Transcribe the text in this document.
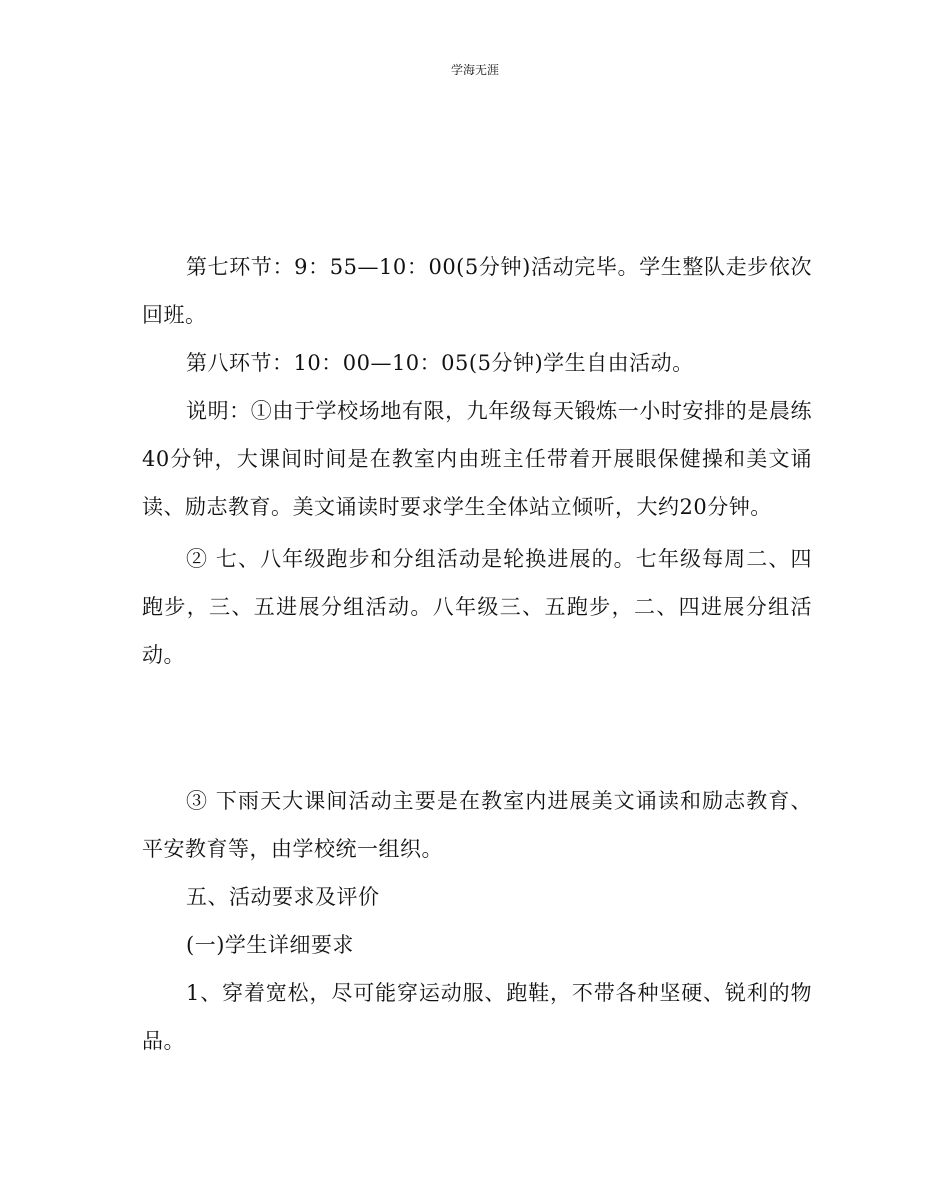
学海无涯

第七环节：9：55—10：00(5分钟)活动完毕。学生整队走步依次回班。

第八环节：10：00—10：05(5分钟)学生自由活动。

说明：①由于学校场地有限，九年级每天锻炼一小时安排的是晨练40分钟，大课间时间是在教室内由班主任带着开展眼保健操和美文诵读、励志教育。美文诵读时要求学生全体站立倾听，大约20分钟。

② 七、八年级跑步和分组活动是轮换进展的。七年级每周二、四跑步，三、五进展分组活动。八年级三、五跑步，二、四进展分组活动。

③ 下雨天大课间活动主要是在教室内进展美文诵读和励志教育、平安教育等，由学校统一组织。

五、活动要求及评价

(一)学生详细要求

1、穿着宽松，尽可能穿运动服、跑鞋，不带各种坚硬、锐利的物品。
